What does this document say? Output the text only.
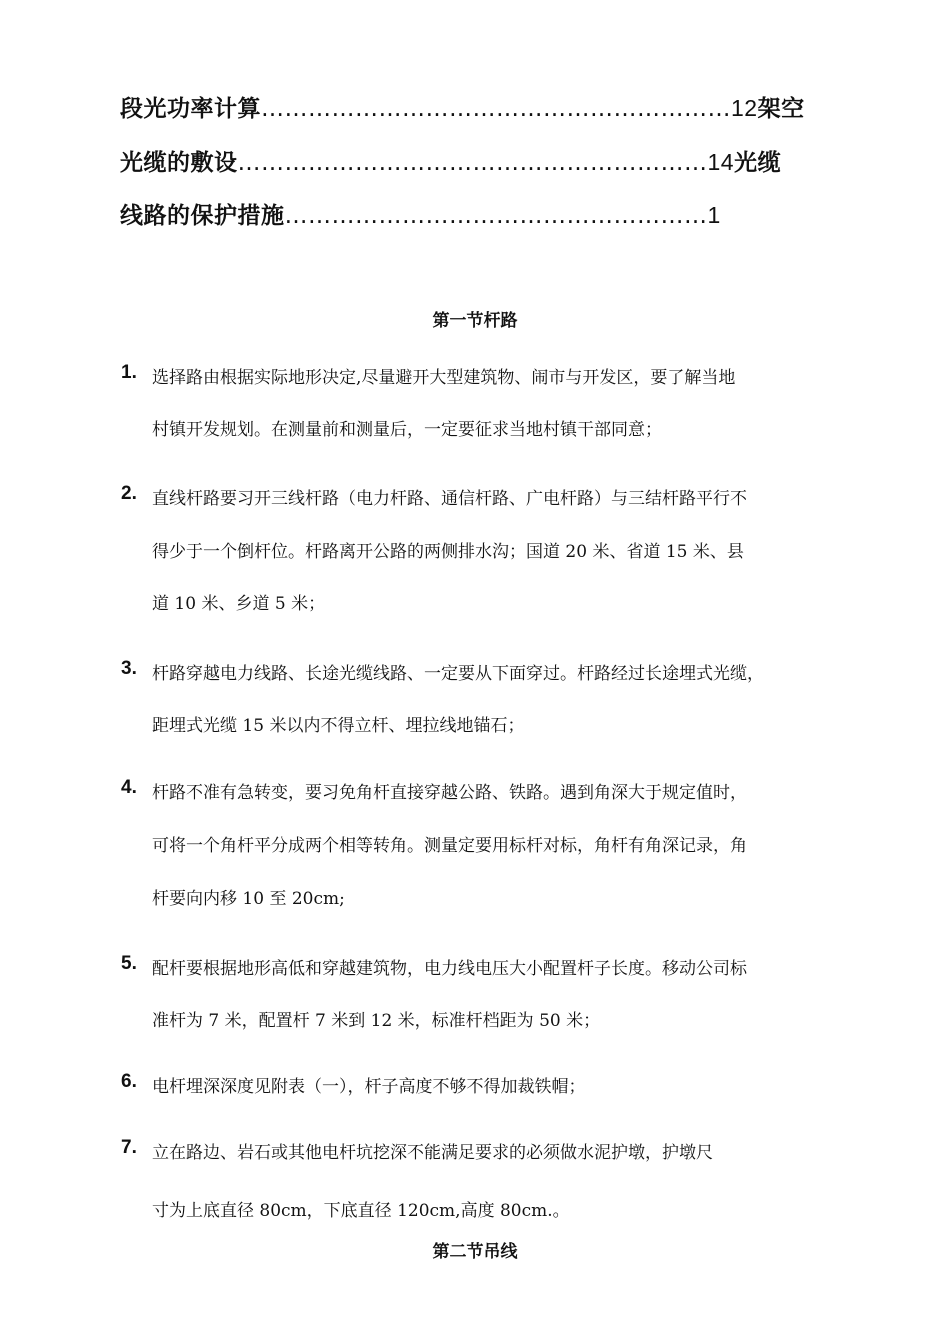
段光功率计算……………………………………………………12架空
光缆的敷设……………………………………………………14光缆
线路的保护措施………………………………………………1
第一节杆路
1. 选择路由根据实际地形决定,尽量避开大型建筑物、闹市与开发区，要了解当地
村镇开发规划。在测量前和测量后，一定要征求当地村镇干部同意；
2. 直线杆路要习开三线杆路（电力杆路、通信杆路、广电杆路）与三结杆路平行不
得少于一个倒杆位。杆路离开公路的两侧排水沟；国道 20 米、省道 15 米、县
道 10 米、乡道 5 米；
3. 杆路穿越电力线路、长途光缆线路、一定要从下面穿过。杆路经过长途埋式光缆，
距埋式光缆 15 米以内不得立杆、埋拉线地锚石；
4. 杆路不准有急转变，要习免角杆直接穿越公路、铁路。遇到角深大于规定值时，
可将一个角杆平分成两个相等转角。测量定要用标杆对标，角杆有角深记录，角
杆要向内移 10 至 20cm;
5. 配杆要根据地形高低和穿越建筑物，电力线电压大小配置杆子长度。移动公司标
准杆为 7 米，配置杆 7 米到 12 米，标准杆档距为 50 米；
6. 电杆埋深深度见附表（一），杆子高度不够不得加裁铁帽；
7. 立在路边、岩石或其他电杆坑挖深不能满足要求的必须做水泥护墩，护墩尺
寸为上底直径 80cm，下底直径 120cm,高度 80cm.。
第二节吊线
